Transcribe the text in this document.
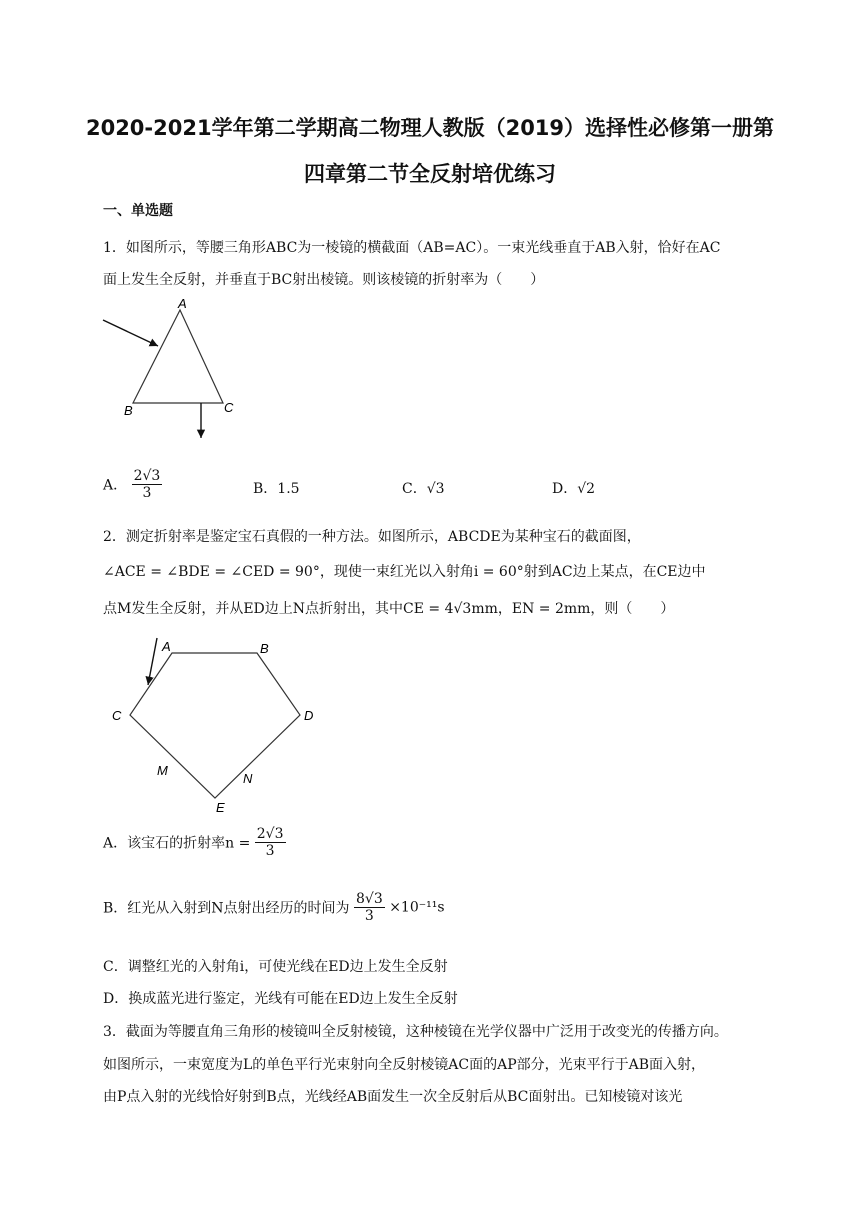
2020-2021学年第二学期高二物理人教版（2019）选择性必修第一册第
四章第二节全反射培优练习
一、单选题
1．如图所示，等腰三角形ABC为一棱镜的横截面（AB=AC）。一束光线垂直于AB入射，恰好在AC
面上发生全反射，并垂直于BC射出棱镜。则该棱镜的折射率为（　　）
A
B	C
A． $\frac{2√3}{3}$	B．1.5	C．√3	D．√2
2．测定折射率是鉴定宝石真假的一种方法。如图所示，ABCDE为某种宝石的截面图，
∠ACE = ∠BDE = ∠CED = 90°，现使一束红光以入射角i = 60°射到AC边上某点，在CE边中
点M发生全反射，并从ED边上N点折射出，其中CE = 4√3mm，EN = 2mm，则（　　）
A	B
C	D
E
M
N
A．该宝石的折射率$n = \frac{2√3}{3}$
B．红光从入射到N点射出经历的时间为 $\frac{8√3}{3} \times 10^{-11}s$
C．调整红光的入射角i，可使光线在ED边上发生全反射
D．换成蓝光进行鉴定，光线有可能在ED边上发生全反射
3．截面为等腰直角三角形的棱镜叫全反射棱镜，这种棱镜在光学仪器中广泛用于改变光的传播方向。
如图所示，一束宽度为L的单色平行光束射向全反射棱镜AC面的AP部分，光束平行于AB面入射，
由P点入射的光线恰好射到B点，光线经AB面发生一次全反射后从BC面射出。已知棱镜对该光
